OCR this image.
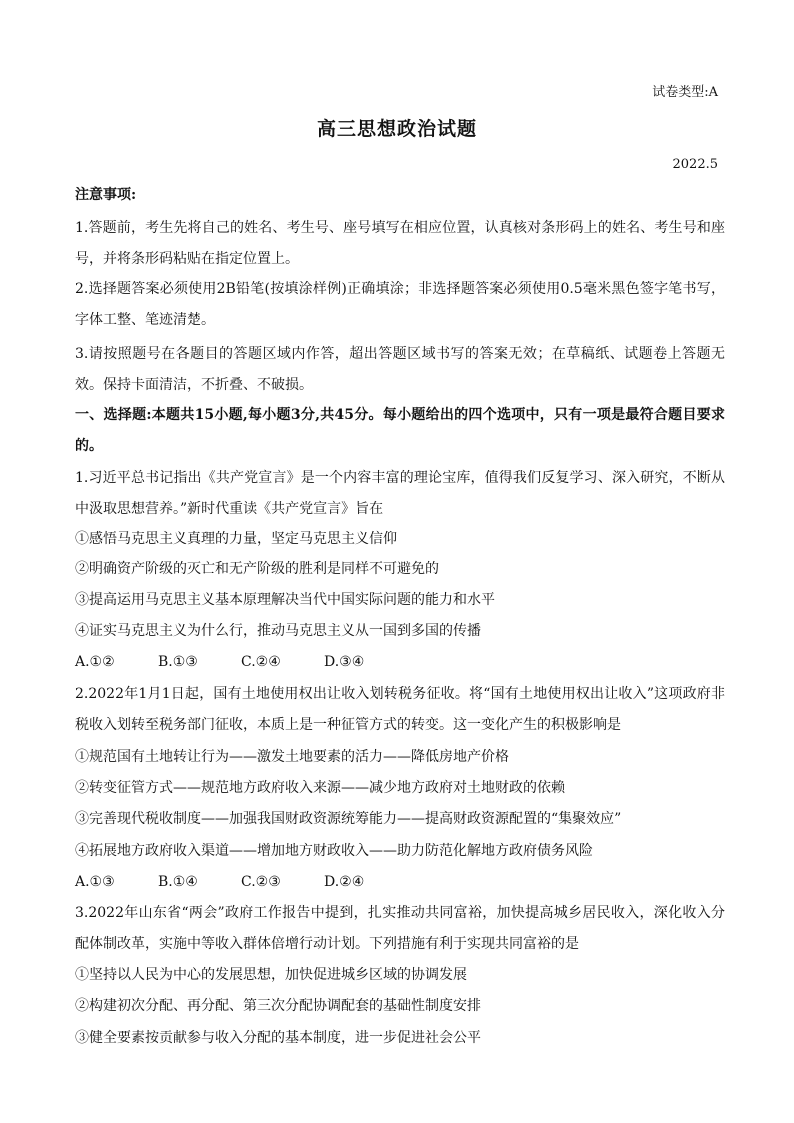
试卷类型:A
高三思想政治试题
2022.5
注意事项:
1.答题前，考生先将自己的姓名、考生号、座号填写在相应位置，认真核对条形码上的姓名、考生号和座号，并将条形码粘贴在指定位置上。
2.选择题答案必须使用2B铅笔(按填涂样例)正确填涂；非选择题答案必须使用0.5毫米黑色签字笔书写，字体工整、笔迹清楚。
3.请按照题号在各题目的答题区域内作答，超出答题区域书写的答案无效；在草稿纸、试题卷上答题无效。保持卡面清洁，不折叠、不破损。
一、选择题:本题共15小题,每小题3分,共45分。每小题给出的四个选项中，只有一项是最符合题目要求的。
1.习近平总书记指出《共产党宣言》是一个内容丰富的理论宝库，值得我们反复学习、深入研究，不断从中汲取思想营养。”新时代重读《共产党宣言》旨在
①感悟马克思主义真理的力量，坚定马克思主义信仰
②明确资产阶级的灭亡和无产阶级的胜利是同样不可避免的
③提高运用马克思主义基本原理解决当代中国实际问题的能力和水平
④证实马克思主义为什么行，推动马克思主义从一国到多国的传播
A.①②	B.①③	C.②④	D.③④
2.2022年1月1日起，国有土地使用权出让收入划转税务征收。将“国有土地使用权出让收入”这项政府非税收入划转至税务部门征收，本质上是一种征管方式的转变。这一变化产生的积极影响是
①规范国有土地转让行为——激发土地要素的活力——降低房地产价格
②转变征管方式——规范地方政府收入来源——减少地方政府对土地财政的依赖
③完善现代税收制度——加强我国财政资源统筹能力——提高财政资源配置的“集聚效应”
④拓展地方政府收入渠道——增加地方财政收入——助力防范化解地方政府债务风险
A.①③	B.①④	C.②③	D.②④
3.2022年山东省“两会”政府工作报告中提到，扎实推动共同富裕，加快提高城乡居民收入，深化收入分配体制改革，实施中等收入群体倍增行动计划。下列措施有利于实现共同富裕的是
①坚持以人民为中心的发展思想，加快促进城乡区域的协调发展
②构建初次分配、再分配、第三次分配协调配套的基础性制度安排
③健全要素按贡献参与收入分配的基本制度，进一步促进社会公平
